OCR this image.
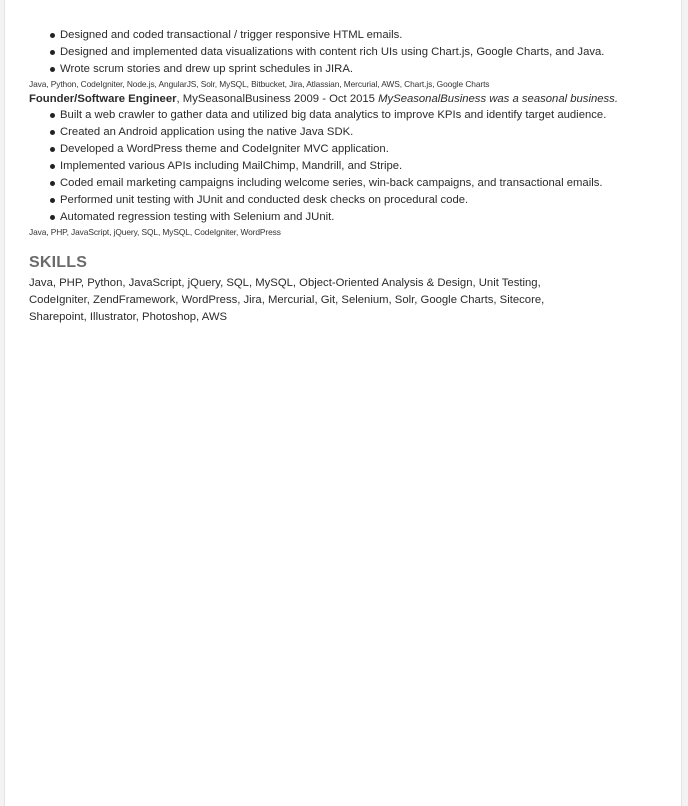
Designed and coded transactional / trigger responsive HTML emails.
Designed and implemented data visualizations with content rich UIs using Chart.js, Google Charts, and Java.
Wrote scrum stories and drew up sprint schedules in JIRA.
Java, Python, CodeIgniter, Node.js, AngularJS, Solr, MySQL, Bitbucket, Jira, Atlassian, Mercurial, AWS, Chart.js, Google Charts
Founder/Software Engineer, MySeasonalBusiness 2009 - Oct 2015 MySeasonalBusiness was a seasonal business.
Built a web crawler to gather data and utilized big data analytics to improve KPIs and identify target audience.
Created an Android application using the native Java SDK.
Developed a WordPress theme and CodeIgniter MVC application.
Implemented various APIs including MailChimp, Mandrill, and Stripe.
Coded email marketing campaigns including welcome series, win-back campaigns, and transactional emails.
Performed unit testing with JUnit and conducted desk checks on procedural code.
Automated regression testing with Selenium and JUnit.
Java, PHP, JavaScript, jQuery, SQL, MySQL, CodeIgniter, WordPress
SKILLS
Java, PHP, Python, JavaScript, jQuery, SQL, MySQL, Object-Oriented Analysis & Design, Unit Testing, CodeIgniter, ZendFramework, WordPress, Jira, Mercurial, Git, Selenium, Solr, Google Charts, Sitecore, Sharepoint, Illustrator, Photoshop, AWS
